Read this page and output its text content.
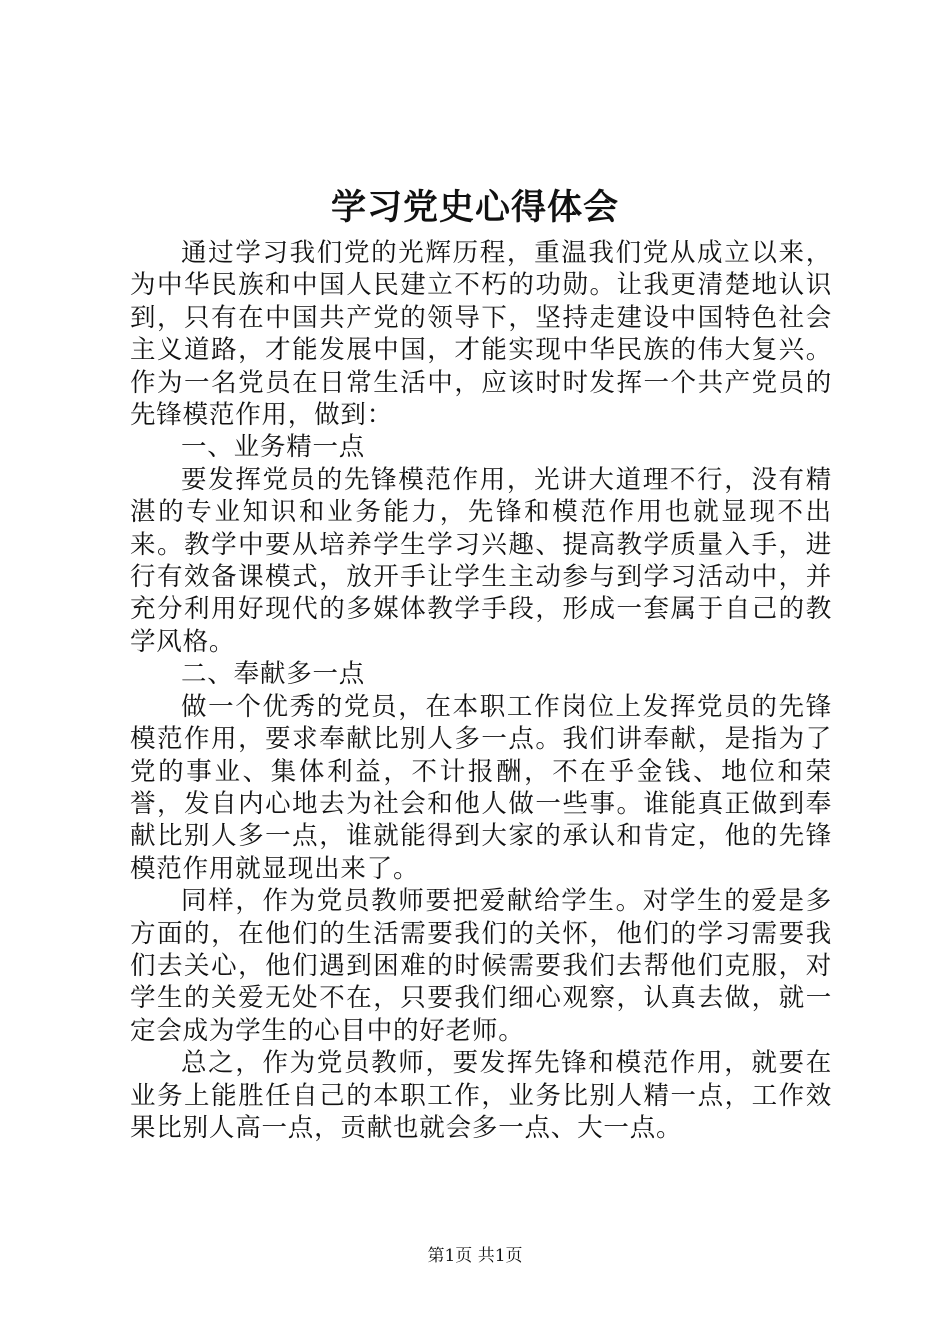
学习党史心得体会

通过学习我们党的光辉历程，重温我们党从成立以来，为中华民族和中国人民建立不朽的功勋。让我更清楚地认识到，只有在中国共产党的领导下，坚持走建设中国特色社会主义道路，才能发展中国，才能实现中华民族的伟大复兴。作为一名党员在日常生活中，应该时时发挥一个共产党员的先锋模范作用，做到：

一、业务精一点

要发挥党员的先锋模范作用，光讲大道理不行，没有精湛的专业知识和业务能力，先锋和模范作用也就显现不出来。教学中要从培养学生学习兴趣、提高教学质量入手，进行有效备课模式，放开手让学生主动参与到学习活动中，并充分利用好现代的多媒体教学手段，形成一套属于自己的教学风格。

二、奉献多一点

做一个优秀的党员，在本职工作岗位上发挥党员的先锋模范作用，要求奉献比别人多一点。我们讲奉献，是指为了党的事业、集体利益，不计报酬，不在乎金钱、地位和荣誉，发自内心地去为社会和他人做一些事。谁能真正做到奉献比别人多一点，谁就能得到大家的承认和肯定，他的先锋模范作用就显现出来了。

同样，作为党员教师要把爱献给学生。对学生的爱是多方面的，在他们的生活需要我们的关怀，他们的学习需要我们去关心，他们遇到困难的时候需要我们去帮他们克服，对学生的关爱无处不在，只要我们细心观察，认真去做，就一定会成为学生的心目中的好老师。

总之，作为党员教师，要发挥先锋和模范作用，就要在业务上能胜任自己的本职工作，业务比别人精一点，工作效果比别人高一点，贡献也就会多一点、大一点。

第1页 共1页
